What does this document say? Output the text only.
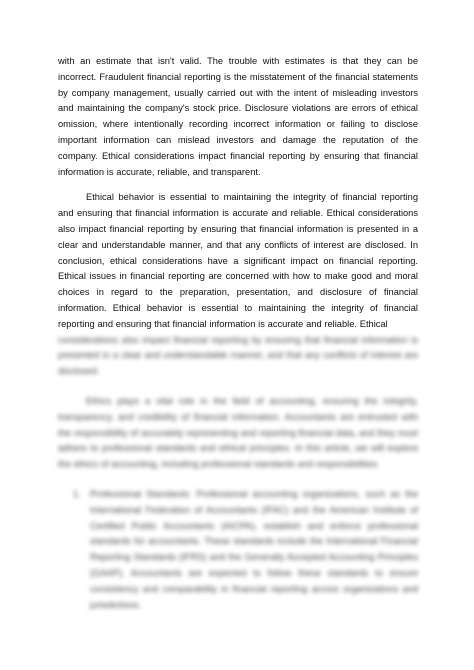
with an estimate that isn't valid. The trouble with estimates is that they can be incorrect. Fraudulent financial reporting is the misstatement of the financial statements by company management, usually carried out with the intent of misleading investors and maintaining the company's stock price. Disclosure violations are errors of ethical omission, where intentionally recording incorrect information or failing to disclose important information can mislead investors and damage the reputation of the company. Ethical considerations impact financial reporting by ensuring that financial information is accurate, reliable, and transparent.

Ethical behavior is essential to maintaining the integrity of financial reporting and ensuring that financial information is accurate and reliable. Ethical considerations also impact financial reporting by ensuring that financial information is presented in a clear and understandable manner, and that any conflicts of interest are disclosed. In conclusion, ethical considerations have a significant impact on financial reporting. Ethical issues in financial reporting are concerned with how to make good and moral choices in regard to the preparation, presentation, and disclosure of financial information. Ethical behavior is essential to maintaining the integrity of financial reporting and ensuring that financial information is accurate and reliable. Ethical

considerations also impact financial reporting by ensuring that financial information is presented in a clear and understandable manner, and that any conflicts of interest are disclosed.

Ethics plays a vital role in the field of accounting, ensuring the integrity, transparency, and credibility of financial information. Accountants are entrusted with the responsibility of accurately representing and reporting financial data, and they must adhere to professional standards and ethical principles. In this article, we will explore the ethics of accounting, including professional standards and responsibilities.

1. Professional Standards: Professional accounting organizations, such as the International Federation of Accountants (IFAC) and the American Institute of Certified Public Accountants (AICPA), establish and enforce professional standards for accountants. These standards include the International Financial Reporting Standards (IFRS) and the Generally Accepted Accounting Principles (GAAP). Accountants are expected to follow these standards to ensure consistency and comparability in financial reporting across organizations and jurisdictions.
